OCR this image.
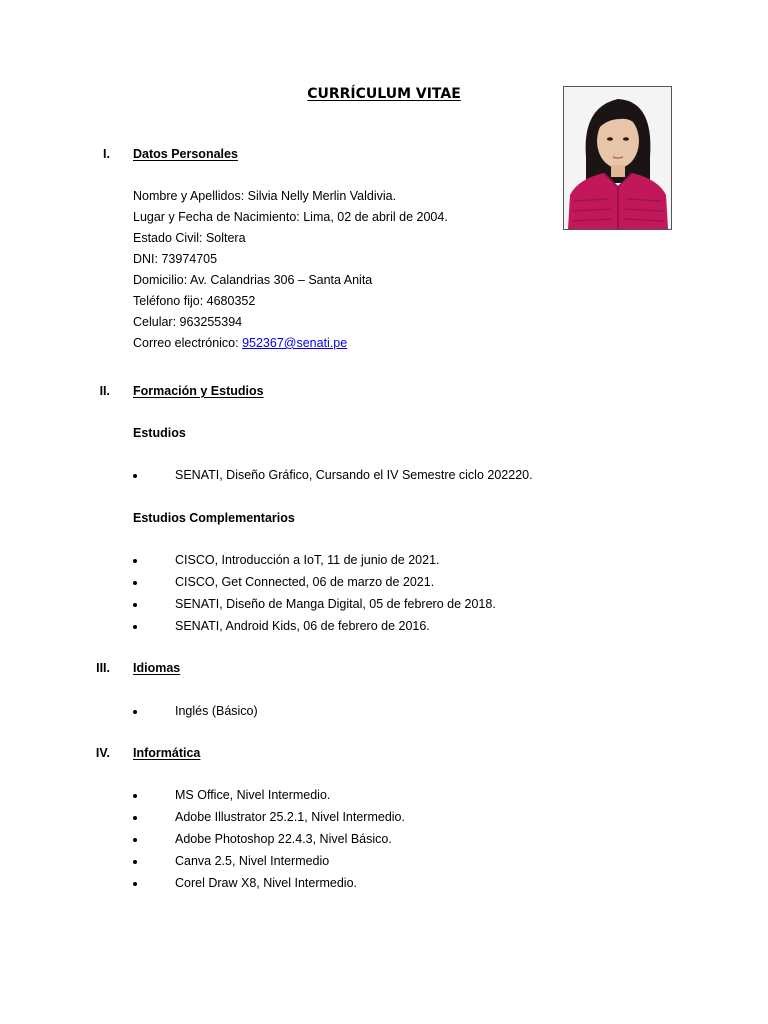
CURRÍCULUM VITAE
I. Datos Personales
Nombre y Apellidos: Silvia Nelly Merlin Valdivia.
Lugar y Fecha de Nacimiento: Lima, 02 de abril de 2004.
Estado Civil: Soltera
DNI: 73974705
Domicilio: Av. Calandrias 306 – Santa Anita
Teléfono fijo: 4680352
Celular: 963255394
Correo electrónico: 952367@senati.pe
II. Formación y Estudios
Estudios
SENATI, Diseño Gráfico, Cursando el IV Semestre ciclo 202220.
Estudios Complementarios
CISCO, Introducción a IoT, 11 de junio de 2021.
CISCO, Get Connected, 06 de marzo de 2021.
SENATI, Diseño de Manga Digital, 05 de febrero de 2018.
SENATI, Android Kids, 06 de febrero de 2016.
III. Idiomas
Inglés (Básico)
IV. Informática
MS Office, Nivel Intermedio.
Adobe Illustrator 25.2.1, Nivel Intermedio.
Adobe Photoshop 22.4.3, Nivel Básico.
Canva 2.5, Nivel Intermedio
Corel Draw X8, Nivel Intermedio.
